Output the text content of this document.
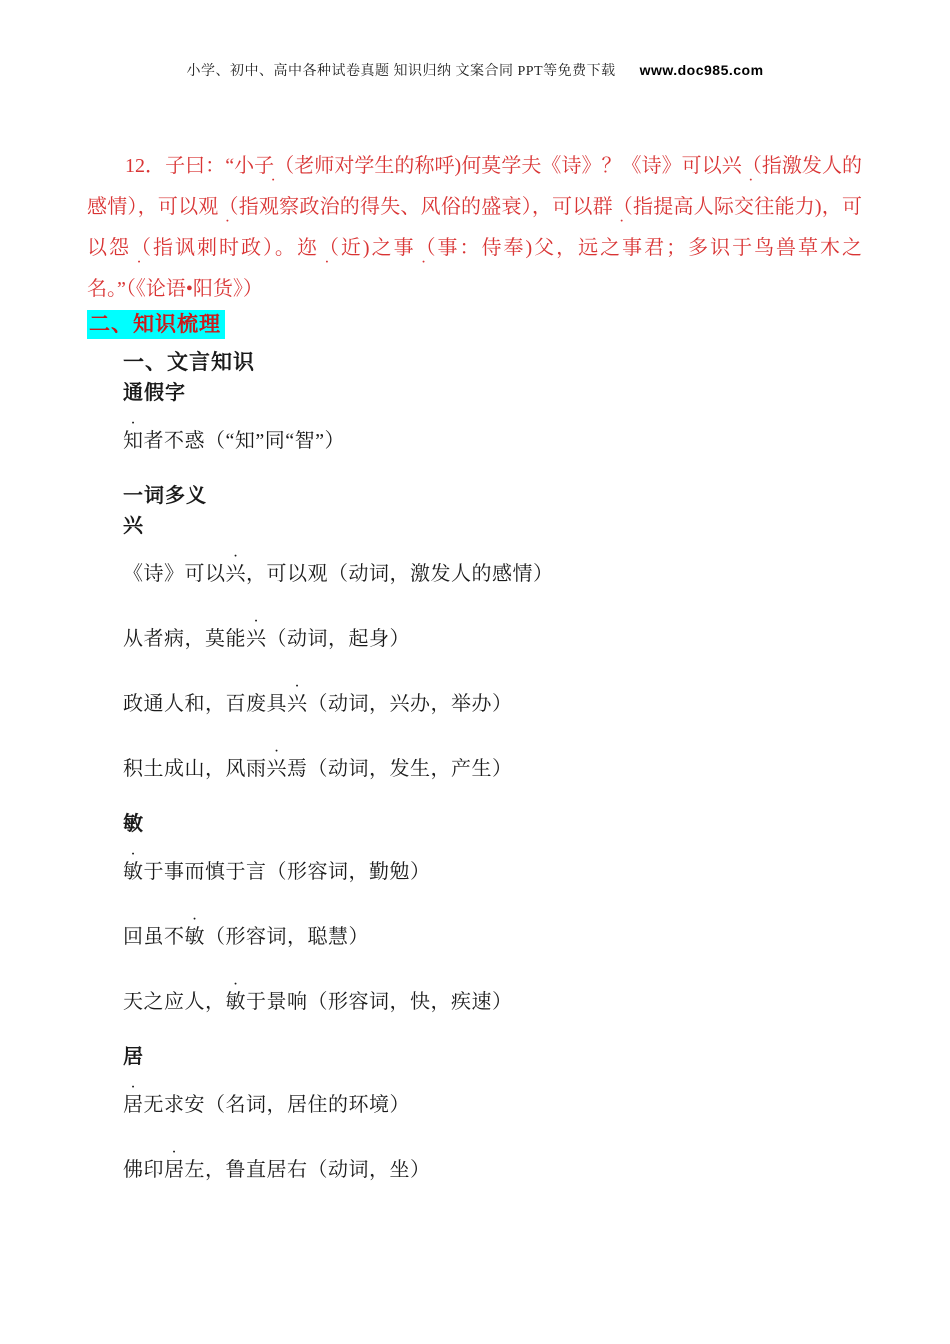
小学、初中、高中各种试卷真题 知识归纳 文案合同 PPT等免费下载 www.doc985.com

12．子曰：“小子
·
（老师对学生的称呼)何莫学夫《诗》？《诗》可以兴
·
（指激发人的感情），可以观
·
（指观察政治的得失、风俗的盛衰），可以群
·
（指提高人际交往能力)，可以怨
·
（指讽刺时政）。迩
·
（近)之事
·
（事：侍奉)父，远之事君；多识于鸟兽草木之名。”（《论语•阳货》）

二、知识梳理

一、文言知识

通假字

知
·
者不惑（“知”同“智”）

一词多义

兴

《诗》可以兴
·
，可以观（动词，激发人的感情）

从者病，莫能兴
·
（动词，起身）

政通人和，百废具兴
·
（动词，兴办，举办）

积土成山，风雨兴
·
焉（动词，发生，产生）

敏

敏
·
于事而慎于言（形容词，勤勉）

回虽不敏
·
（形容词，聪慧）

天之应人，敏
·
于景响（形容词，快，疾速）

居

居
·
无求安（名词，居住的环境）

佛印居
·
左，鲁直居右（动词，坐）
